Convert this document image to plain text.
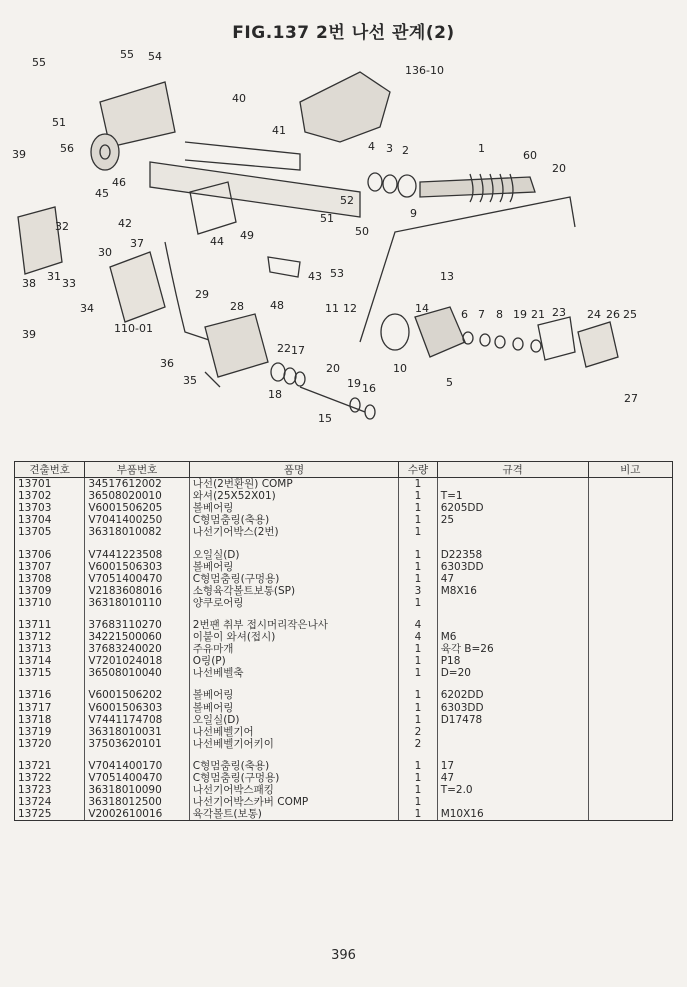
FIG.137 2번 나선 관계(2)
55 54
136-10
40
41
55
51
56
45
46
39	60
20
4 3 2	1
42
52
51	9
50
44 49
43 53
32
30
37
31
33
38
34
39
13
48
110-01
29
28	14
11 12
10
5
6 7 8 19 21 23 24 26 25
22 17
18
36
35
20
19 16
15
27
견출번호	부품번호	품명	수량	규격	비고
13701	34517612002	나선(2번환원) COMP	1		
13702	36508020010	와셔(25X52X01)	1	T=1	
13703	V6001506205	볼베어링	1	6205DD	
13704	V7041400250	C형멈춤링(축용)	1	25	
13705	36318010082	나선기어박스(2번)	1		

13706	V7441223508	오일실(D)	1	D22358	
13707	V6001506303	볼베어링	1	6303DD	
13708	V7051400470	C형멈춤링(구멍용)	1	47	
13709	V2183608016	소형육각볼트보통(SP)	3	M8X16	
13710	36318010110	양쿠로어링	1		

13711	37683110270	2번팬 취부 접시머리작은나사	4		
13712	34221500060	이붙이 와셔(접시)	4	M6	
13713	37683240020	주유마개	1	육각 B=26	
13714	V7201024018	O링(P)	1	P18	
13715	36508010040	나선베벨축	1	D=20	

13716	V6001506202	볼베어링	1	6202DD	
13717	V6001506303	볼베어링	1	6303DD	
13718	V7441174708	오일실(D)	1	D17478	
13719	36318010031	나선베벨기어	2		
13720	37503620101	나선베벨기어키이	2		

13721	V7041400170	C형멈춤링(축용)	1	17	
13722	V7051400470	C형멈춤링(구멍용)	1	47	
13723	36318010090	나선기어박스패킹	1	T=2.0	
13724	36318012500	나선기어박스카버 COMP	1		
13725	V2002610016	육각볼트(보통)	1	M10X16	
396
